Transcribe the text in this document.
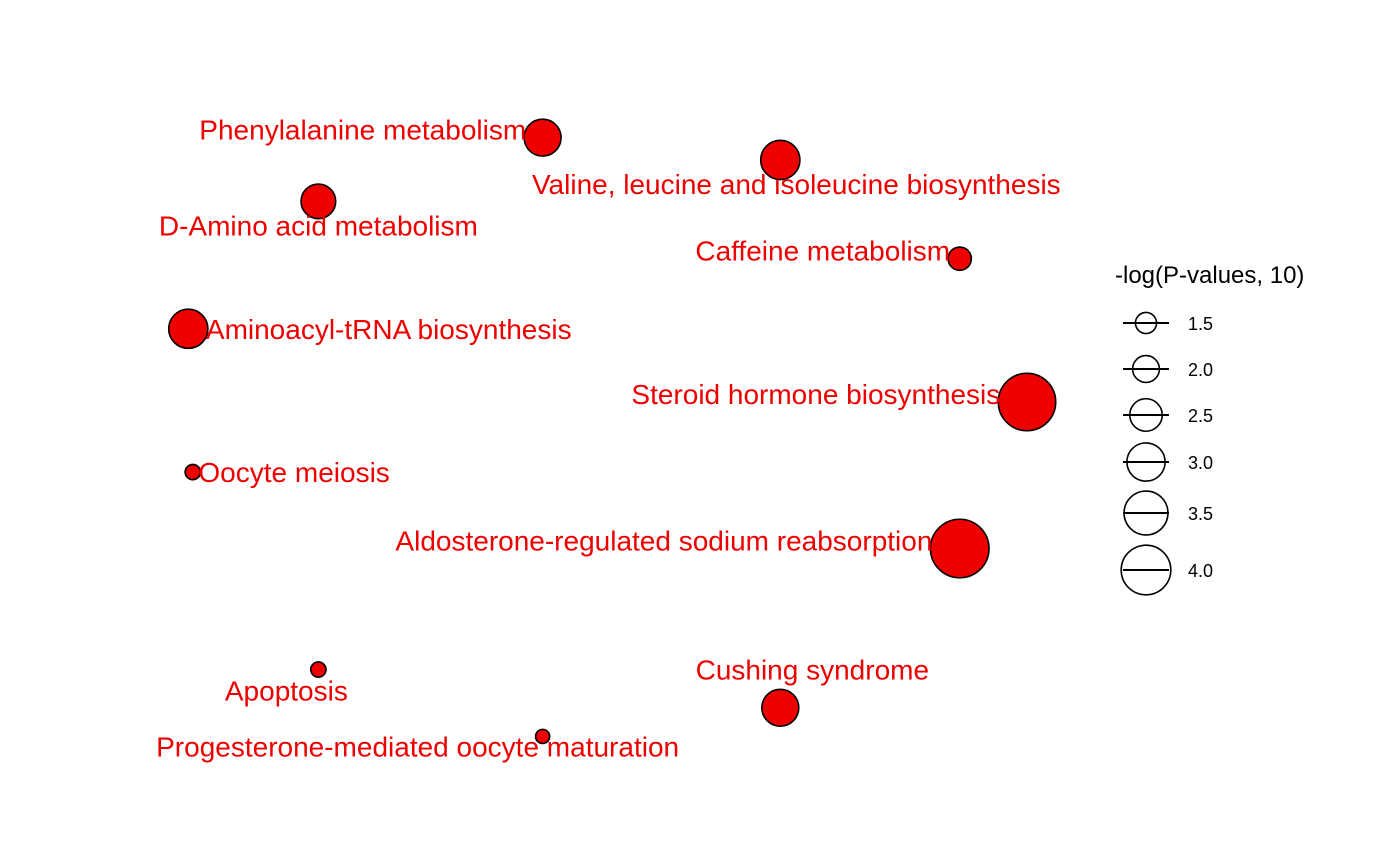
Phenylalanine metabolism
Valine, leucine and isoleucine biosynthesis
D-Amino acid metabolism
Caffeine metabolism
Aminoacyl-tRNA biosynthesis
Steroid hormone biosynthesis
Oocyte meiosis
Aldosterone-regulated sodium reabsorption
Apoptosis
Cushing syndrome
Progesterone-mediated oocyte maturation
-log(P-values, 10)
1.5
2.0
2.5
3.0
3.5
4.0
